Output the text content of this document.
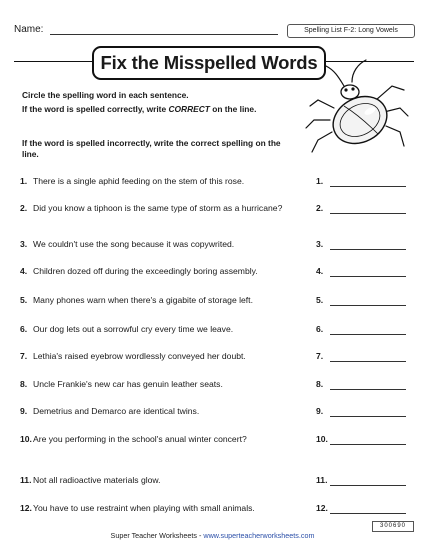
Name:	Spelling List F-2: Long Vowels
Fix the Misspelled Words
Circle the spelling word in each sentence.
If the word is spelled correctly, write CORRECT on the line.
If the word is spelled incorrectly, write the correct spelling on the line.
1. There is a single aphid feeding on the stem of this rose.	1.
2. Did you know a tiphoon is the same type of storm as a hurricane?	2.
3. We couldn't use the song because it was copywrited.	3.
4. Children dozed off during the exceedingly boring assembly.	4.
5. Many phones warn when there's a gigabite of storage left.	5.
6. Our dog lets out a sorrowful cry every time we leave.	6.
7. Lethia's raised eyebrow wordlessly conveyed her doubt.	7.
8. Uncle Frankie's new car has genuin leather seats.	8.
9. Demetrius and Demarco are identical twins.	9.
10. Are you performing in the school's anual winter concert?	10.
11. Not all radioactive materials glow.	11.
12. You have to use restraint when playing with small animals.	12.
300690
Super Teacher Worksheets - www.superteacherworksheets.com
